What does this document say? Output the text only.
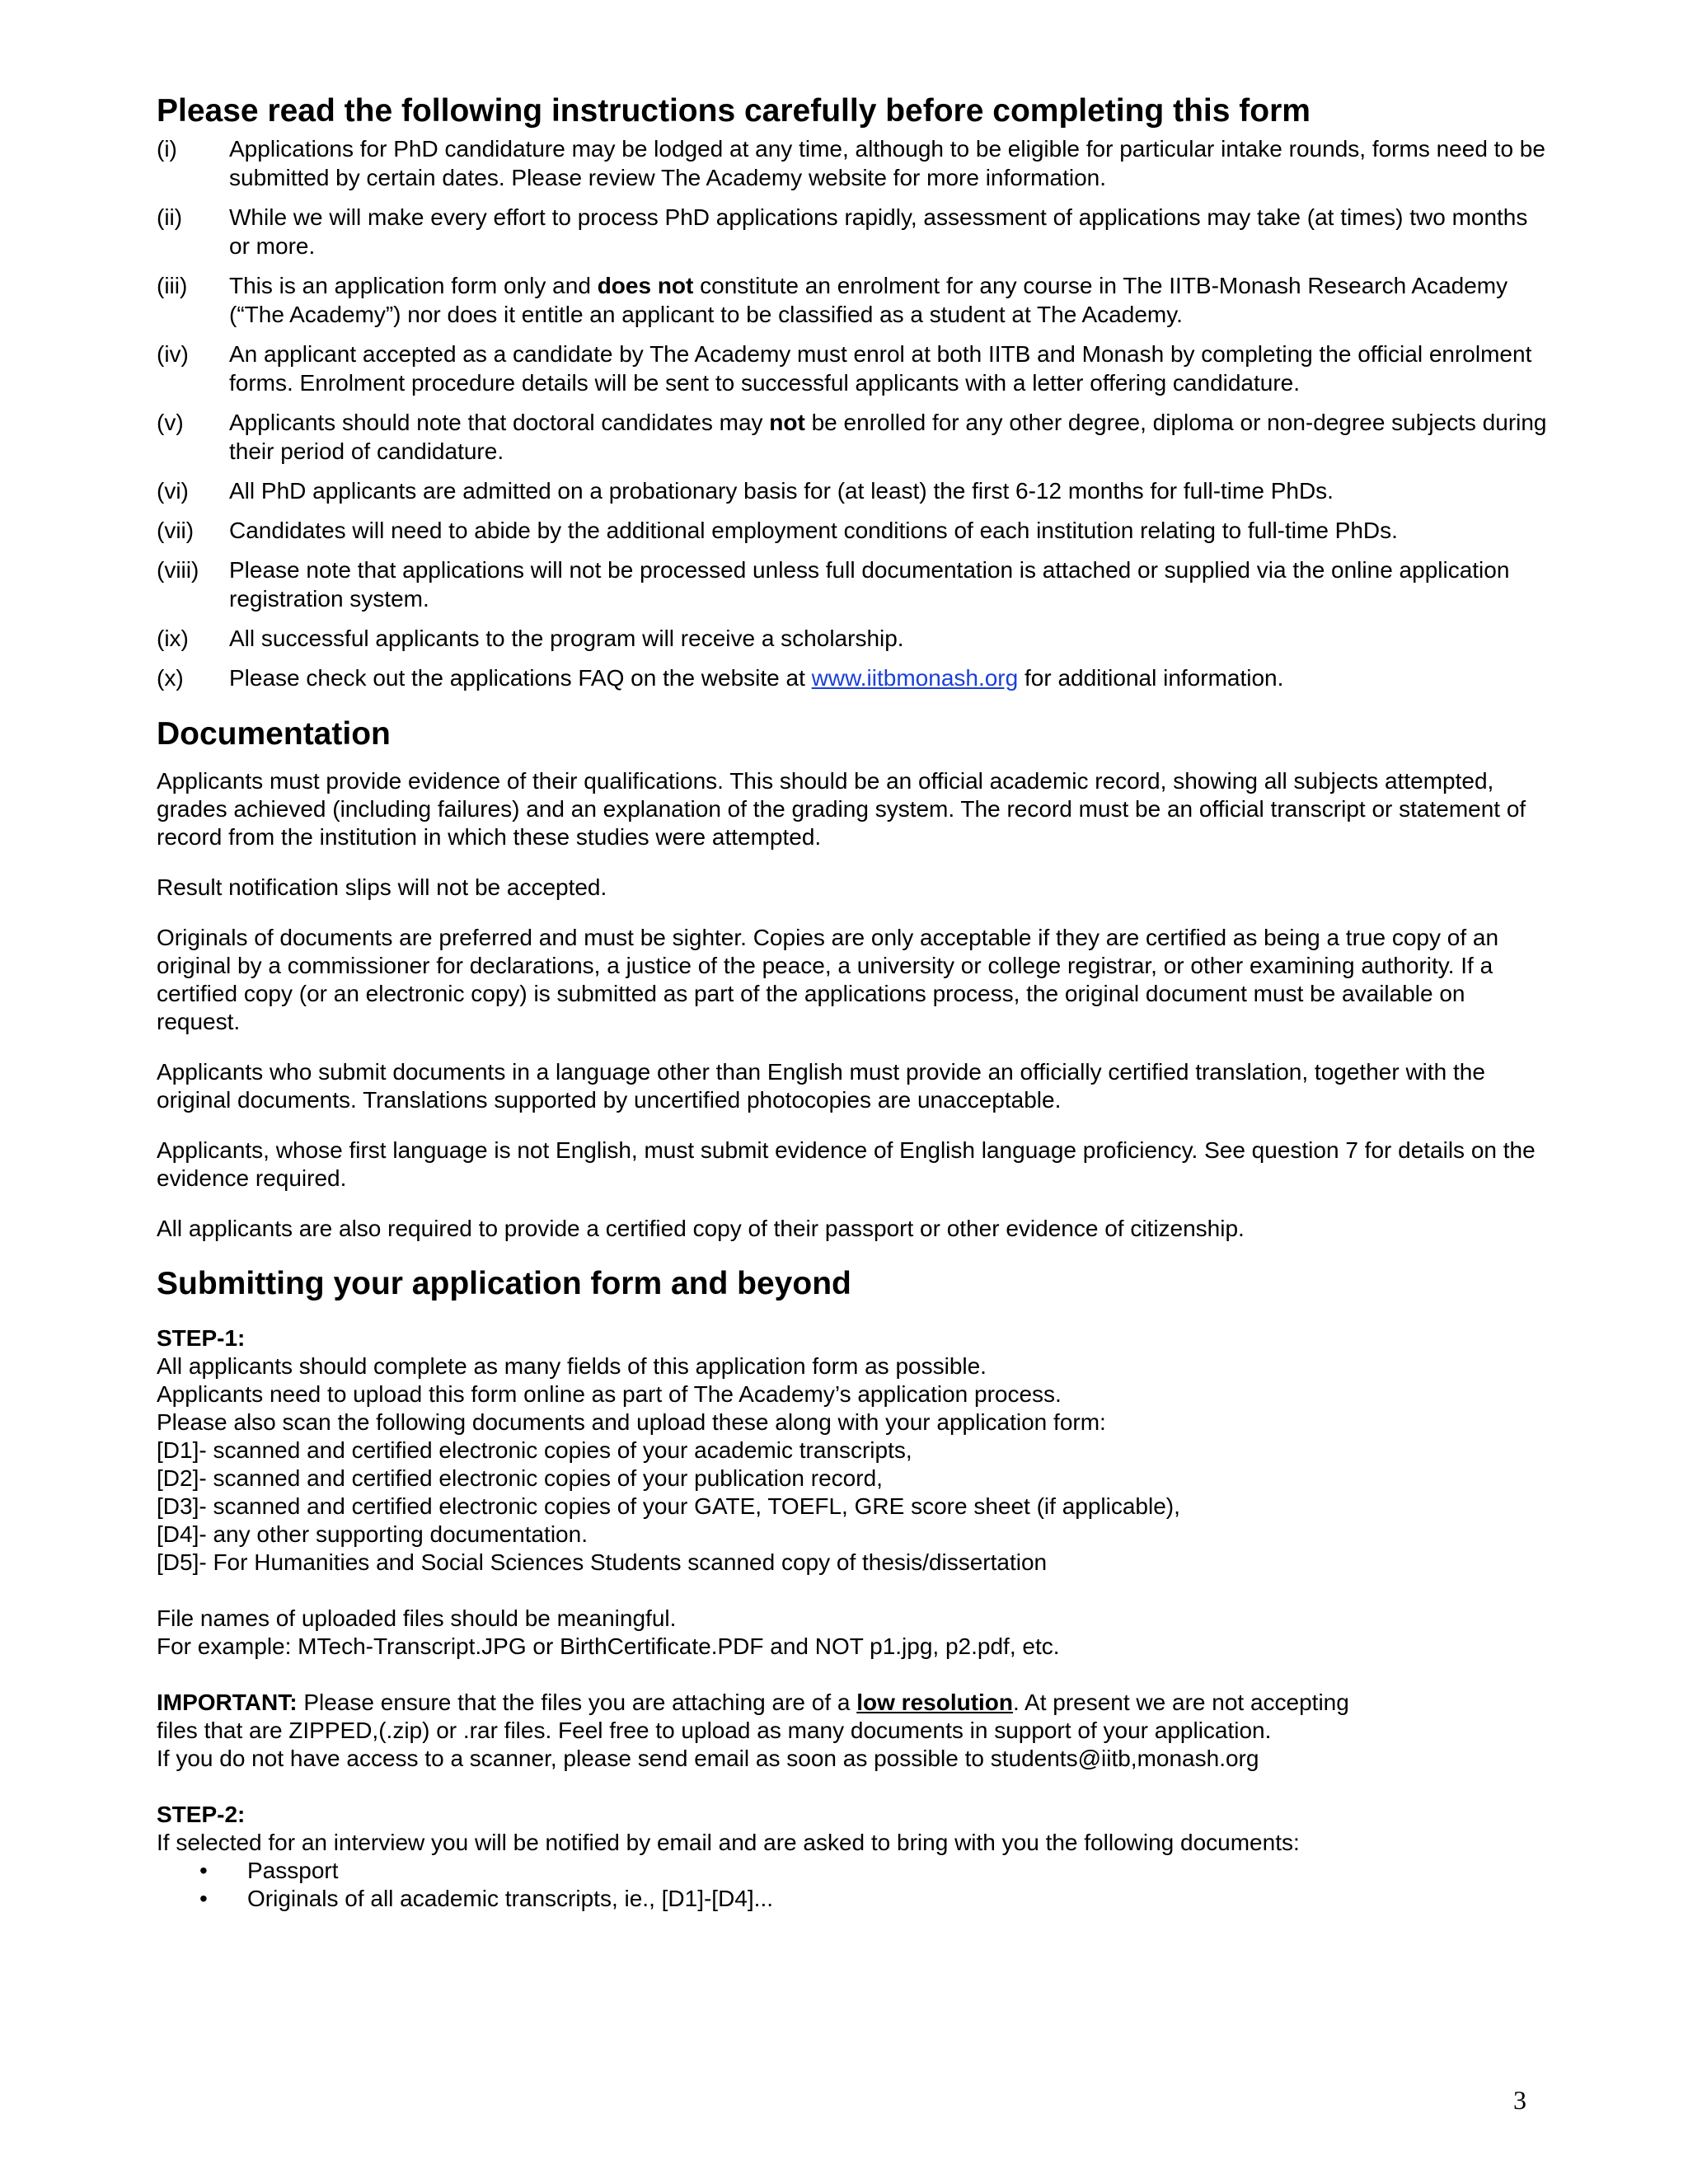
Please read the following instructions carefully before completing this form
(i)	Applications for PhD candidature may be lodged at any time, although to be eligible for particular intake rounds, forms need to be submitted by certain dates. Please review The Academy website for more information.
(ii)	While we will make every effort to process PhD applications rapidly, assessment of applications may take (at times) two months or more.
(iii)	This is an application form only and does not constitute an enrolment for any course in The IITB-Monash Research Academy (“The Academy”) nor does it entitle an applicant to be classified as a student at The Academy.
(iv)	An applicant accepted as a candidate by The Academy must enrol at both IITB and Monash by completing the official enrolment forms. Enrolment procedure details will be sent to successful applicants with a letter offering candidature.
(v)	Applicants should note that doctoral candidates may not be enrolled for any other degree, diploma or non-degree subjects during their period of candidature.
(vi)	All PhD applicants are admitted on a probationary basis for (at least) the first 6-12 months for full-time PhDs.
(vii)	Candidates will need to abide by the additional employment conditions of each institution relating to full-time PhDs.
(viii)	Please note that applications will not be processed unless full documentation is attached or supplied via the online application registration system.
(ix)	All successful applicants to the program will receive a scholarship.
(x)	Please check out the applications FAQ on the website at www.iitbmonash.org for additional information.
Documentation

Applicants must provide evidence of their qualifications. This should be an official academic record, showing all subjects attempted, grades achieved (including failures) and an explanation of the grading system. The record must be an official transcript or statement of record from the institution in which these studies were attempted.

Result notification slips will not be accepted.

Originals of documents are preferred and must be sighter. Copies are only acceptable if they are certified as being a true copy of an original by a commissioner for declarations, a justice of the peace, a university or college registrar, or other examining authority. If a certified copy (or an electronic copy) is submitted as part of the applications process, the original document must be available on request.

Applicants who submit documents in a language other than English must provide an officially certified translation, together with the original documents. Translations supported by uncertified photocopies are unacceptable.

Applicants, whose first language is not English, must submit evidence of English language proficiency. See question 7 for details on the evidence required.

All applicants are also required to provide a certified copy of their passport or other evidence of citizenship.

Submitting your application form and beyond
STEP-1:
All applicants should complete as many fields of this application form as possible.
Applicants need to upload this form online as part of The Academy’s application process.
Please also scan the following documents and upload these along with your application form:
[D1]- scanned and certified electronic copies of your academic transcripts,
[D2]- scanned and certified electronic copies of your publication record,
[D3]- scanned and certified electronic copies of your GATE, TOEFL, GRE score sheet (if applicable),
[D4]- any other supporting documentation.
[D5]- For Humanities and Social Sciences Students scanned copy of thesis/dissertation
File names of uploaded files should be meaningful.
For example: MTech-Transcript.JPG or BirthCertificate.PDF and NOT p1.jpg, p2.pdf, etc.
IMPORTANT: Please ensure that the files you are attaching are of a low resolution. At present we are not accepting
files that are ZIPPED,(.zip) or .rar files. Feel free to upload as many documents in support of your application.
If you do not have access to a scanner, please send email as soon as possible to students@iitb,monash.org
STEP-2:
If selected for an interview you will be notified by email and are asked to bring with you the following documents:
•	Passport
•	Originals of all academic transcripts, ie., [D1]-[D4]...
3
